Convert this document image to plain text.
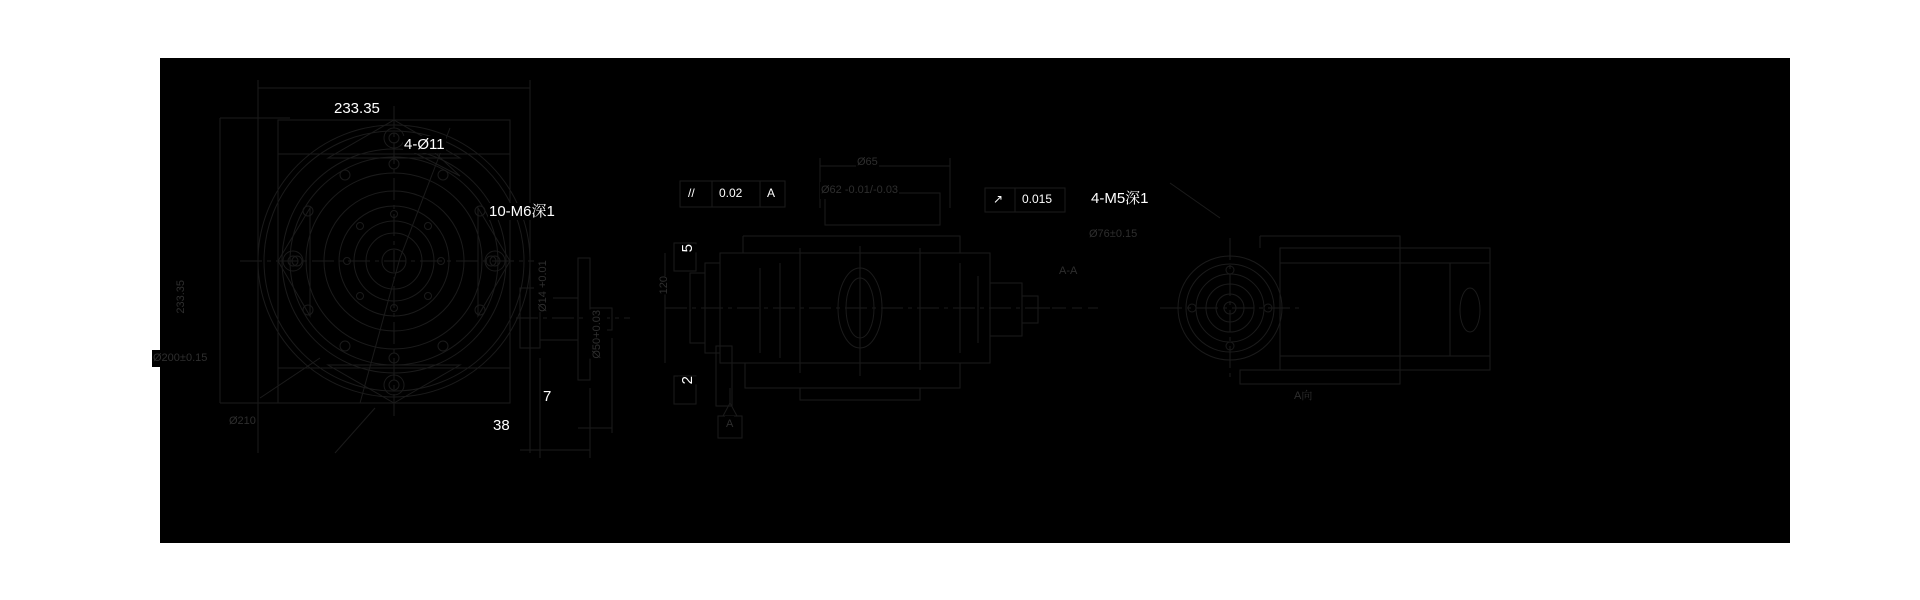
233.35
4-Ø11
10-M6深1
233.35
Ø200±0.15
Ø210	38
7
Ø14 +0.01 
Ø50+0.03
// 0.02 A	↗ 0.015
Ø62 -0.01/-0.03
Ø65
5
120
2
A
A-A
4-M5深1
Ø76±0.15
A向
